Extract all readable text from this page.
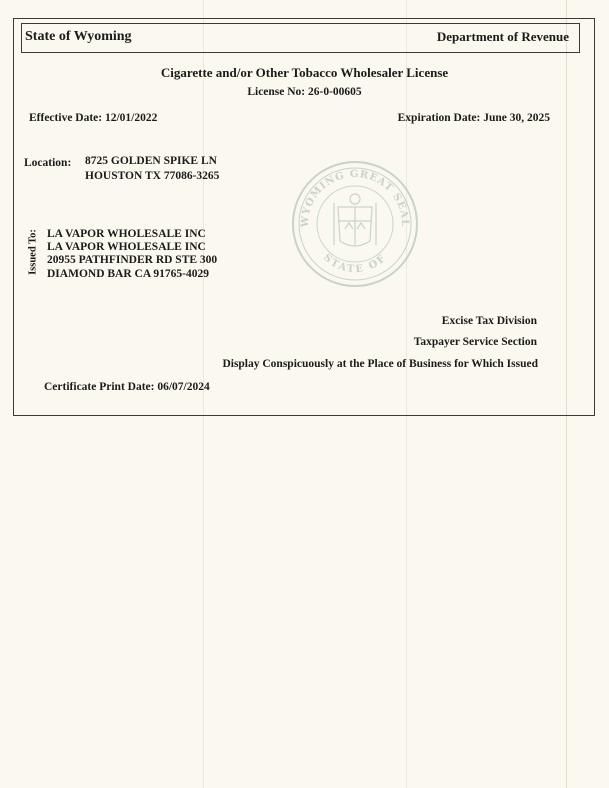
State of Wyoming	Department of Revenue
Cigarette and/or Other Tobacco Wholesaler License
License No: 26-0-00605
Effective Date: 12/01/2022	Expiration Date: June 30, 2025
Location: 8725 GOLDEN SPIKE LN
HOUSTON TX 77086-3265
Issued To: LA VAPOR WHOLESALE INC
LA VAPOR WHOLESALE INC
20955 PATHFINDER RD STE 300
DIAMOND BAR CA 91765-4029
WYOMING GREAT SEAL
STATE OF
Excise Tax Division
Taxpayer Service Section
Display Conspicuously at the Place of Business for Which Issued
Certificate Print Date: 06/07/2024
